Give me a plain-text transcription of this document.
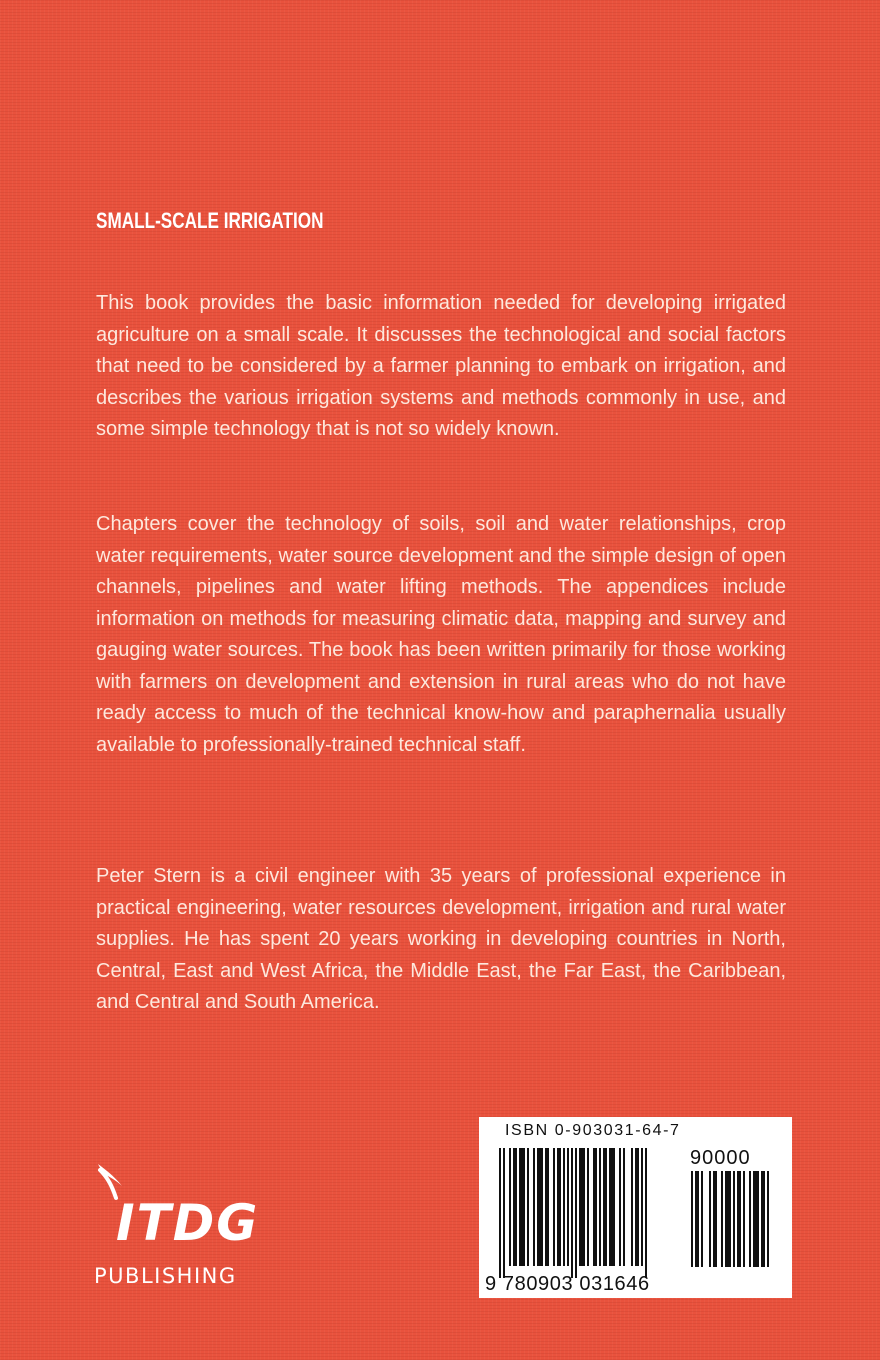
SMALL-SCALE IRRIGATION

This book provides the basic information needed for developing irrigated agriculture on a small scale. It discusses the technological and social factors that need to be considered by a farmer planning to embark on irrigation, and describes the various irrigation systems and methods commonly in use, and some simple technology that is not so widely known.

Chapters cover the technology of soils, soil and water relationships, crop water requirements, water source development and the simple design of open channels, pipelines and water lifting methods. The appendices include information on methods for measuring climatic data, mapping and survey and gauging water sources. The book has been written primarily for those working with farmers on development and extension in rural areas who do not have ready access to much of the technical know-how and paraphernalia usually available to professionally-trained technical staff.

Peter Stern is a civil engineer with 35 years of professional experience in practical engineering, water resources development, irrigation and rural water supplies. He has spent 20 years working in developing countries in North, Central, East and West Africa, the Middle East, the Far East, the Caribbean, and Central and South America.

ITDG
PUBLISHING
ISBN 0-903031-64-7
90000
9 780903 031646
